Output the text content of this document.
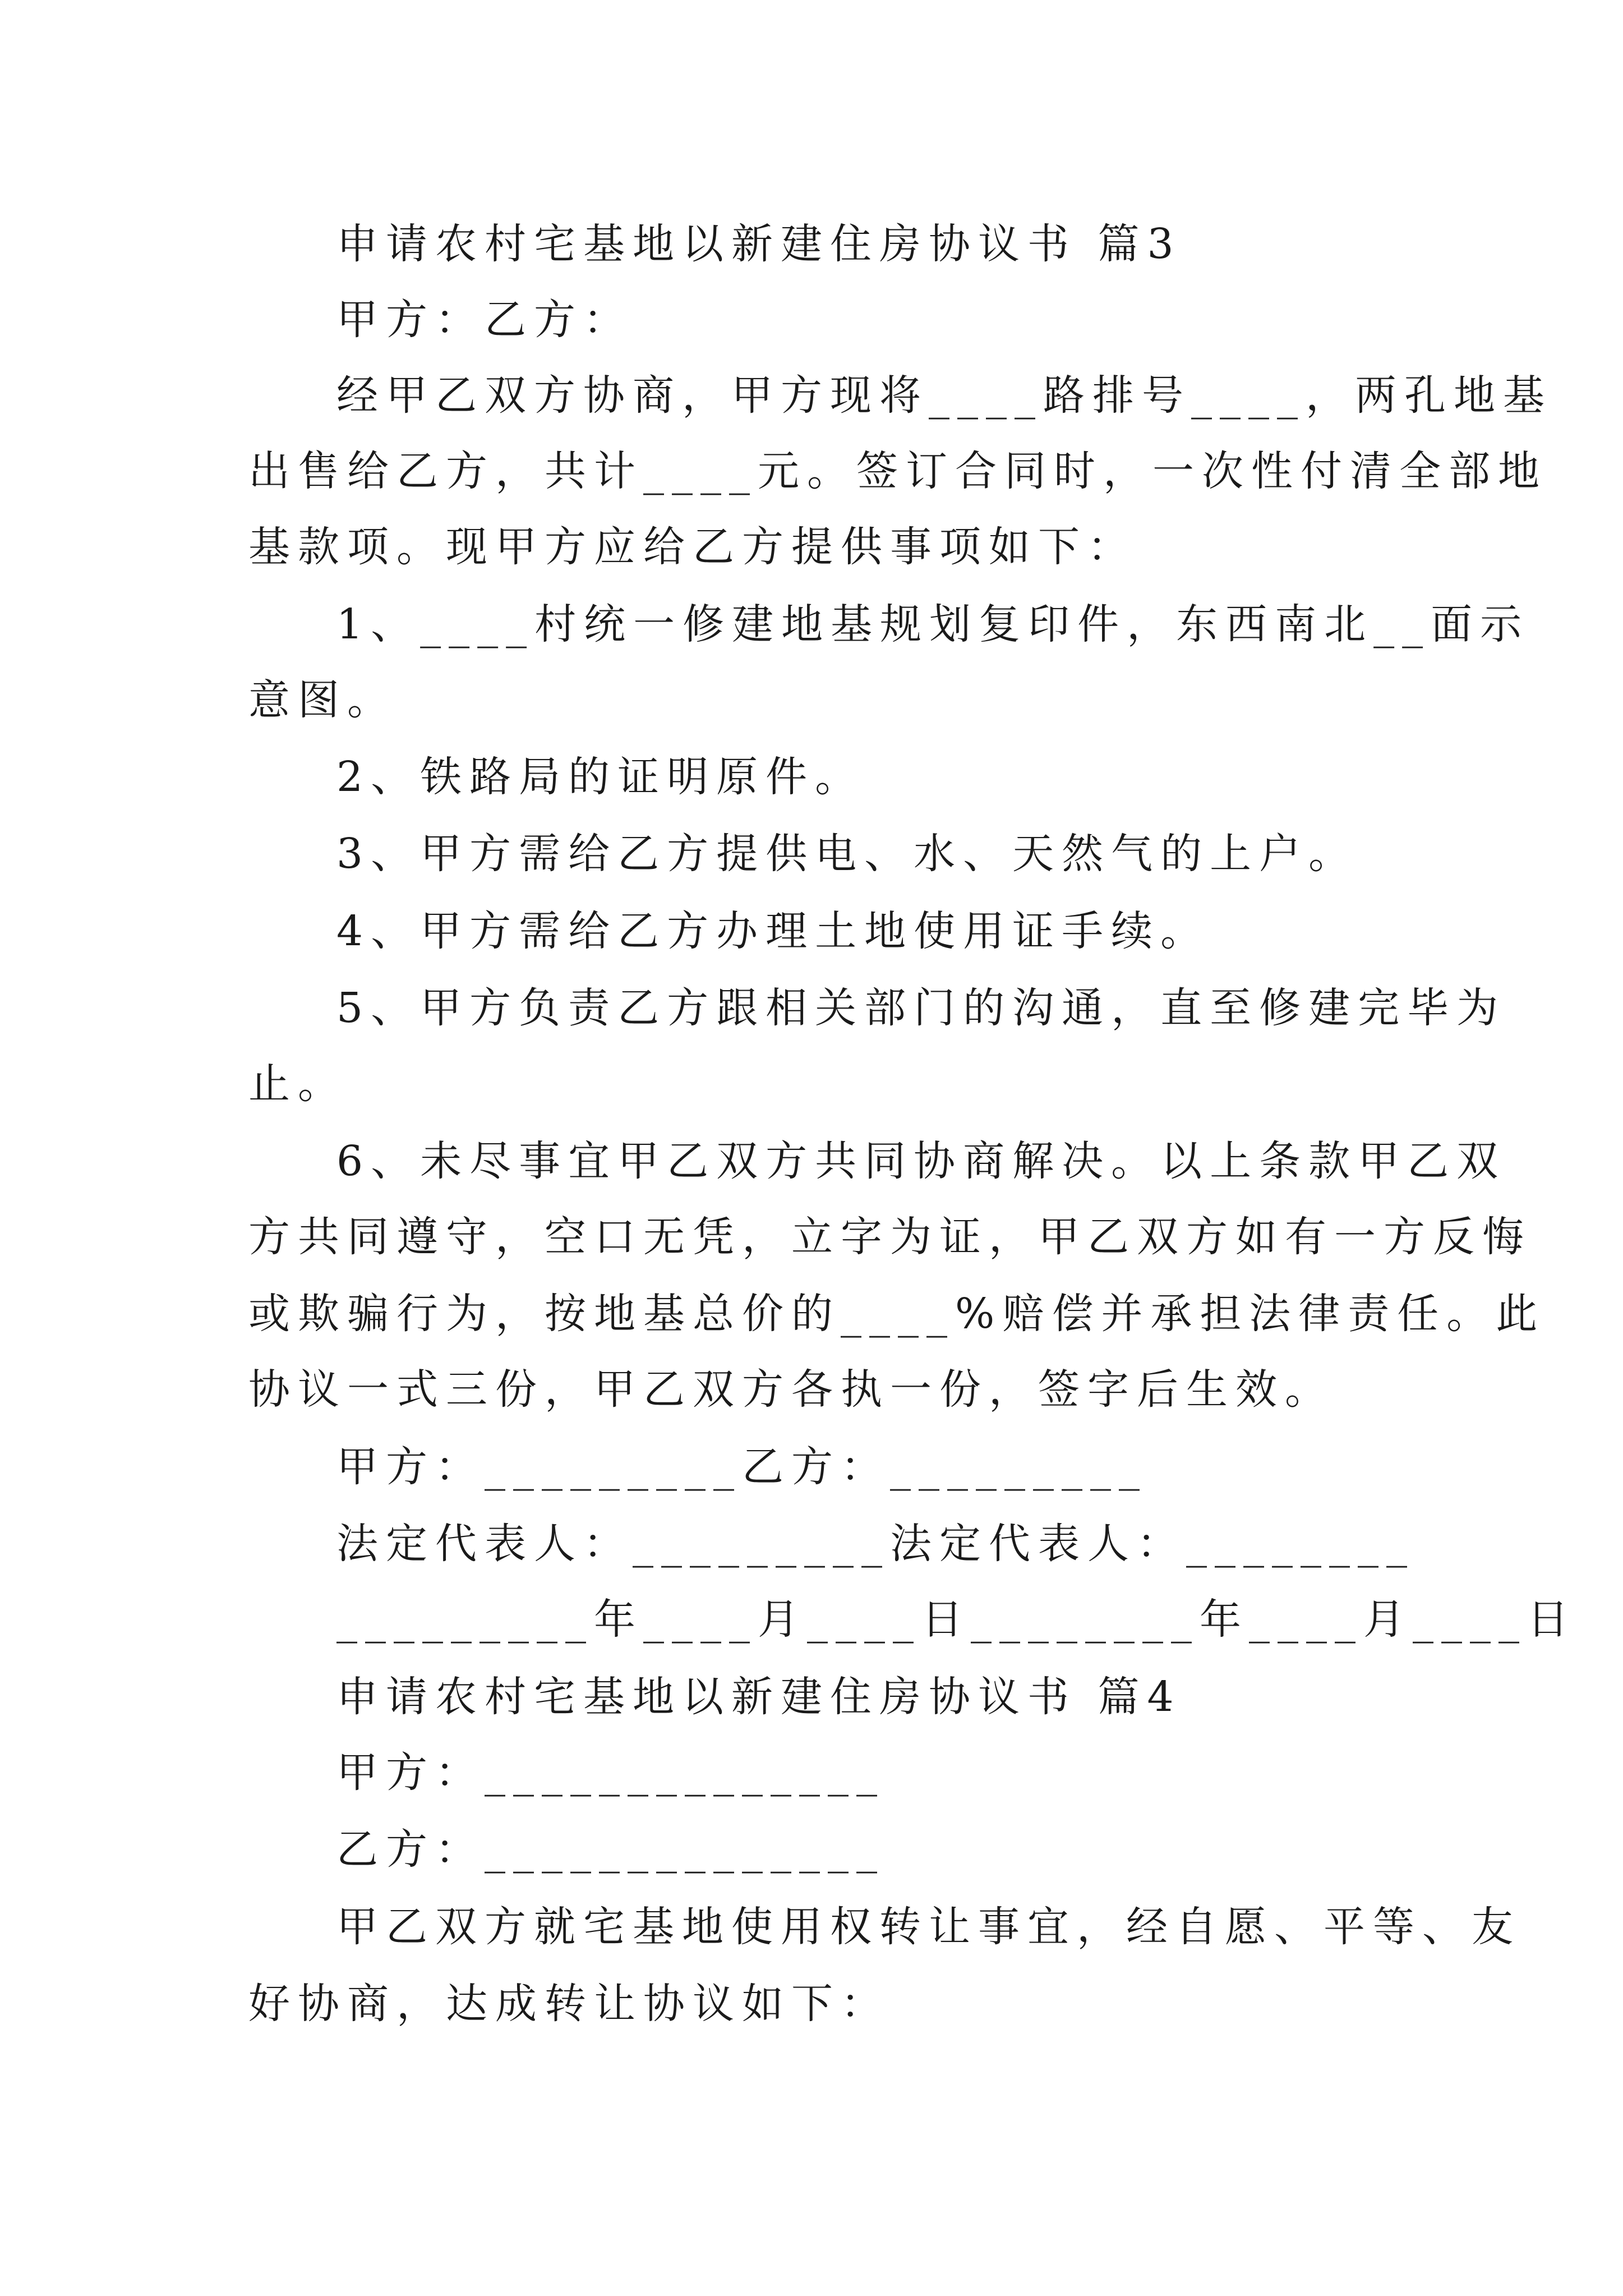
申请农村宅基地以新建住房协议书 篇3
甲方：乙方：
经甲乙双方协商，甲方现将____路排号____，两孔地基
出售给乙方，共计____元。签订合同时，一次性付清全部地
基款项。现甲方应给乙方提供事项如下：
1、____村统一修建地基规划复印件，东西南北__面示
意图。
2、铁路局的证明原件。
3、甲方需给乙方提供电、水、天然气的上户。
4、甲方需给乙方办理土地使用证手续。
5、甲方负责乙方跟相关部门的沟通，直至修建完毕为
止。
6、未尽事宜甲乙双方共同协商解决。以上条款甲乙双
方共同遵守，空口无凭，立字为证，甲乙双方如有一方反悔
或欺骗行为，按地基总价的____%赔偿并承担法律责任。此
协议一式三份，甲乙双方各执一份，签字后生效。
甲方：_________乙方：_________
法定代表人：_________法定代表人：________
_________年____月____日________年____月____日
申请农村宅基地以新建住房协议书 篇4
甲方：______________
乙方：______________
甲乙双方就宅基地使用权转让事宜，经自愿、平等、友
好协商，达成转让协议如下：
